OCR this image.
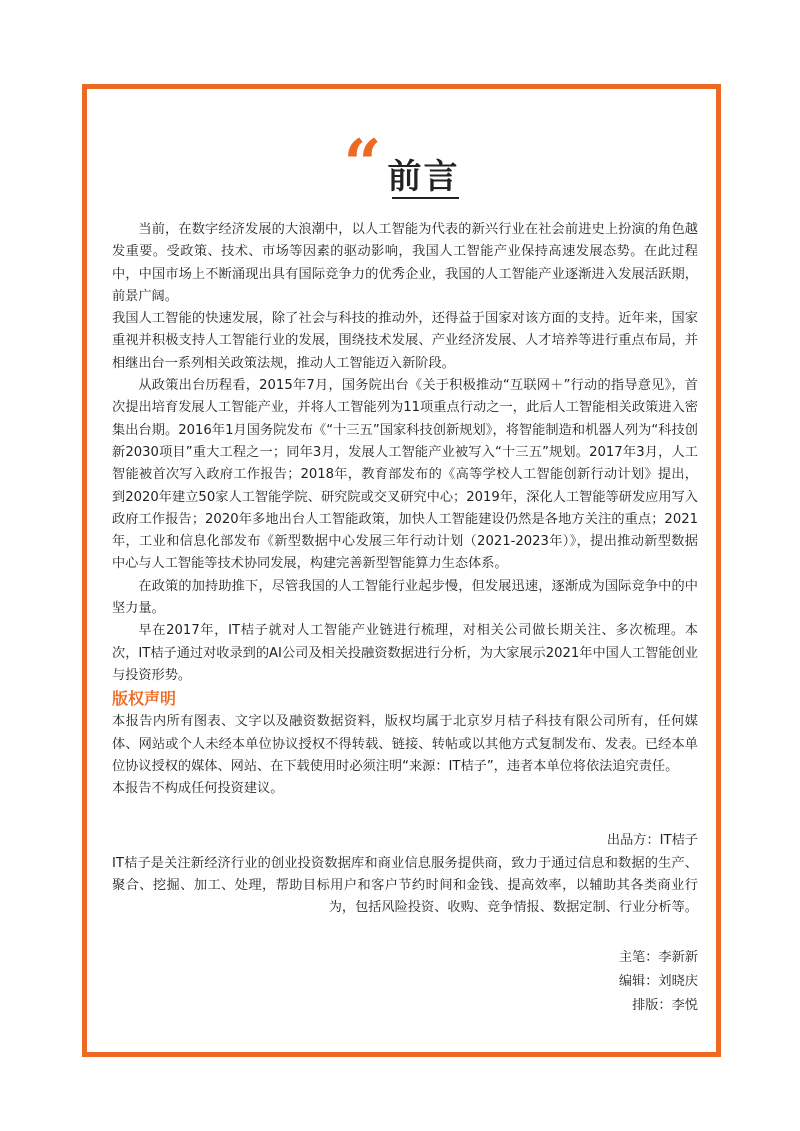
“ 前言

当前，在数字经济发展的大浪潮中，以人工智能为代表的新兴行业在社会前进史上扮演的角色越发重要。受政策、技术、市场等因素的驱动影响，我国人工智能产业保持高速发展态势。在此过程中，中国市场上不断涌现出具有国际竞争力的优秀企业，我国的人工智能产业逐渐进入发展活跃期，前景广阔。

我国人工智能的快速发展，除了社会与科技的推动外，还得益于国家对该方面的支持。近年来，国家重视并积极支持人工智能行业的发展，围绕技术发展、产业经济发展、人才培养等进行重点布局，并相继出台一系列相关政策法规，推动人工智能迈入新阶段。

从政策出台历程看，2015年7月，国务院出台《关于积极推动“互联网＋”行动的指导意见》，首次提出培育发展人工智能产业，并将人工智能列为11项重点行动之一，此后人工智能相关政策进入密集出台期。2016年1月国务院发布《“十三五”国家科技创新规划》，将智能制造和机器人列为“科技创新2030项目”重大工程之一；同年3月，发展人工智能产业被写入“十三五”规划。2017年3月，人工智能被首次写入政府工作报告；2018年，教育部发布的《高等学校人工智能创新行动计划》提出，到2020年建立50家人工智能学院、研究院或交叉研究中心；2019年，深化人工智能等研发应用写入政府工作报告；2020年多地出台人工智能政策，加快人工智能建设仍然是各地方关注的重点；2021年，工业和信息化部发布《新型数据中心发展三年行动计划（2021-2023年）》，提出推动新型数据中心与人工智能等技术协同发展，构建完善新型智能算力生态体系。

在政策的加持助推下，尽管我国的人工智能行业起步慢，但发展迅速，逐渐成为国际竞争中的中坚力量。

早在2017年，IT桔子就对人工智能产业链进行梳理，对相关公司做长期关注、多次梳理。本次，IT桔子通过对收录到的AI公司及相关投融资数据进行分析，为大家展示2021年中国人工智能创业与投资形势。

版权声明

本报告内所有图表、文字以及融资数据资料，版权均属于北京岁月桔子科技有限公司所有，任何媒体、网站或个人未经本单位协议授权不得转载、链接、转帖或以其他方式复制发布、发表。已经本单位协议授权的媒体、网站、在下载使用时必须注明“来源：IT桔子”，违者本单位将依法追究责任。

本报告不构成任何投资建议。

出品方：IT桔子

IT桔子是关注新经济行业的创业投资数据库和商业信息服务提供商，致力于通过信息和数据的生产、聚合、挖掘、加工、处理，帮助目标用户和客户节约时间和金钱、提高效率，以辅助其各类商业行为，包括风险投资、收购、竞争情报、数据定制、行业分析等。

主笔：李新新

编辑：刘晓庆

排版：李悦
